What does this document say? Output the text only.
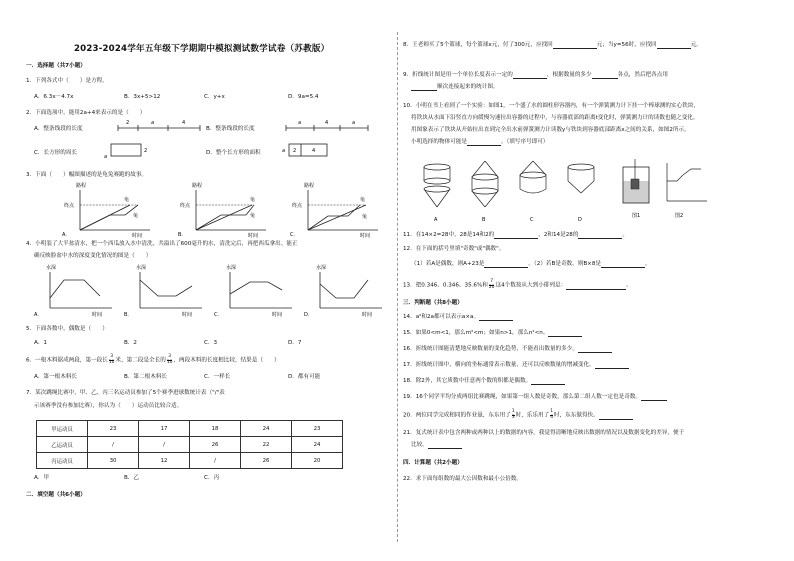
2023-2024学年五年级下学期期中模拟测试数学试卷（苏教版）
一．选择题（共7小题）
1．下列各式中（　　）是方程。
A．6.3x－4.7x	B．3x+5>12	C．y+x	D．9a=5.4
2．下面选项中，能用2a+4来表示的是（　　）
A．整条线段的长度
2	a	4
B．整条线段的长度
a	4	a
C．长方形的周长
a
2	D．整个长方形的面积	a 2	4
3．下面（　　）幅图描述的是龟兔赛跑的故事。
路程
终点
龟
兔
时间
路程
终点
龟
兔
时间
路程
终点
龟
兔
时间
A．	B．	C．
4．小明装了大半盆清水，把一个西瓜放入水中清洗，共溢出了600毫升的水，清洗完后，再把西瓜拿出。能正
确反映脸盆中水的深度变化情况的图是（　　）
水深
时间
A．
水深
时间
B．
水深
时间
C．
水深
时间
D．
5．下面各数中，偶数是（　　）
A．1	B．2	C．3	D．7
6．一根木料锯成两段，第一段长 $\frac{3}{10}$ 米，第二段是全长的 $\frac{3}{10}$ ，两段木料的长度相比较，结果是（　　）
A．第一根木料长	B．第二根木料长	C．一样长	D．都有可能
7．某次跳绳比赛中，甲、乙、丙三名运动员参加了5个赛季进球数统计表（"/"表
示该赛季没有参加比赛），你认为（　　）运动员比较合适。
甲运动员	23	17	18	24	23
乙运动员	/	/	26	22	24
丙运动员	30	12	/	26	20
A．甲	B．乙	C．丙
二．填空题（共6小题）
8．王老师买了5个篮球，每个篮球x元，付了300元，应找回	元；当y=56时，应找回	元。
9．折线统计图是用一个单位长度表示一定的	，根据数量的多少	各点，然后把各点用
顺次连接起来的统计图。
10．小明在书上看到了一个实验：如图1，一个盛了水的圆柱形容器内，有一个弹簧测力计下挂一个棒球测的实心铁块，
将铁块从水面下沿竖直方向缓慢匀速拉出容器的过程中，与容器底部的距离t变化时，弹簧测力计的读数也随之变化。
用图象表示了铁块从开始拉出直到完全出水前弹簧测力计读数y与铁块到容器底部距离x之间的关系，如图2所示，
小明选择的物体可能是	。（填写序号即可）
A	B	C	D
图1	图2
11．在14×2=28中，28是14和2的	，2和14是28的	。
12．在下面的括号里填"奇数"或"偶数"。
（1）若A是偶数，则A+23是	。（2）若B是奇数，则B×8是	。
13．把0.346、0.346、35.6%和 $\frac{7}{20}$ 这4个数按从大到小排列是：	。
三．判断题（共8小题）
14．a²和2a都可以表示a×a。
15．如果0<m<1，那么m²<m；如果n>1，那么n²<n。
16．折线统计图能清楚地反映数量的变化趋势，不能看出数量的多少。
17．折线统计图中，横向的坐标通常表示数量，还可以反映数量的增减变化。
18．除2外，其它质数中任意两个数的积都是偶数。
19．16个同学平均分成两组比赛跳绳，如果第一组人数是奇数，那么第二组人数一定也是奇数。
20．两位同学完成相同的作业量，东东用了 $\frac{1}{3}$ 时，乐乐用了 $\frac{1}{4}$ 时，东东做得快。
21．复式统计表中包含两种或两种以上的数据的内容，我觉得清晰地反映出数据的情况以及数据变化的差异，便于
比较。
四．计算题（共2小题）
22．求下面每组数的最大公因数和最小公倍数。
